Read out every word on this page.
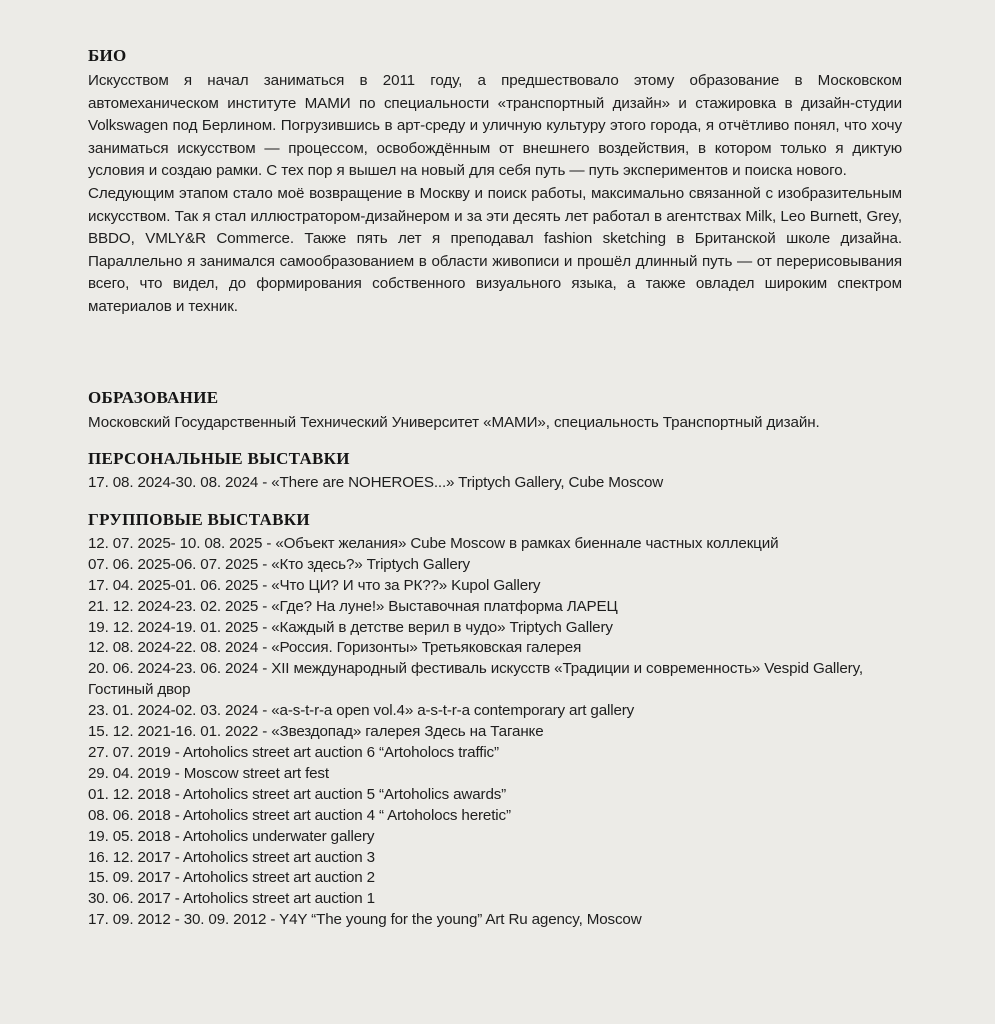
БИО

Искусством я начал заниматься в 2011 году, а предшествовало этому образование в Московском автомеханическом институте МАМИ по специальности «транспортный дизайн» и стажировка в дизайн-студии Volkswagen под Берлином. Погрузившись в арт-среду и уличную культуру этого города, я отчётливо понял, что хочу заниматься искусством — процессом, освобождённым от внешнего воздействия, в котором только я диктую условия и создаю рамки. С тех пор я вышел на новый для себя путь — путь экспериментов и поиска нового.

Следующим этапом стало моё возвращение в Москву и поиск работы, максимально связанной с изобразительным искусством. Так я стал иллюстратором-дизайнером и за эти десять лет работал в агентствах Milk, Leo Burnett, Grey, BBDO, VMLY&R Commerce. Также пять лет я преподавал fashion sketching в Британской школе дизайна. Параллельно я занимался самообразованием в области живописи и прошёл длинный путь — от перерисовывания всего, что видел, до формирования собственного визуального языка, а также овладел широким спектром материалов и техник.

ОБРАЗОВАНИЕ

Московский Государственный Технический Университет «МАМИ», специальность Транспортный дизайн.

ПЕРСОНАЛЬНЫЕ ВЫСТАВКИ
17. 08. 2024-30. 08. 2024 - «There are NOHEROES...» Triptych Gallery, Cube Moscow
ГРУППОВЫЕ ВЫСТАВКИ
12. 07. 2025- 10. 08. 2025 - «Объект желания» Cube Moscow в рамках биеннале частных коллекций
07. 06. 2025-06. 07. 2025 - «Кто здесь?» Triptych Gallery
17. 04. 2025-01. 06. 2025 - «Что ЦИ? И что за РК??» Kupol Gallery
21. 12. 2024-23. 02. 2025 - «Где? На луне!» Выставочная платформа ЛАРЕЦ
19. 12. 2024-19. 01. 2025 - «Каждый в детстве верил в чудо» Triptych Gallery
12. 08. 2024-22. 08. 2024 - «Россия. Горизонты» Третьяковская галерея
20. 06. 2024-23. 06. 2024 - XII международный фестиваль искусств «Традиции и современность» Vespid Gallery, Гостиный двор
23. 01. 2024-02. 03. 2024 - «a-s-t-r-a open vol.4» a-s-t-r-a contemporary art gallery
15. 12. 2021-16. 01. 2022 - «Звездопад» галерея Здесь на Таганке
27. 07. 2019 - Artoholics street art auction 6 “Artoholocs traffic”
29. 04. 2019 - Moscow street art fest
01. 12. 2018 - Artoholics street art auction 5 “Artoholics awards”
08. 06. 2018 - Artoholics street art auction 4 “ Artoholocs heretic”
19. 05. 2018 - Artoholics underwater gallery
16. 12. 2017 - Artoholics street art auction 3
15. 09. 2017 - Artoholics street art auction 2
30. 06. 2017 - Artoholics street art auction 1
17. 09. 2012 - 30. 09. 2012 - Y4Y “The young for the young” Art Ru agency, Moscow
